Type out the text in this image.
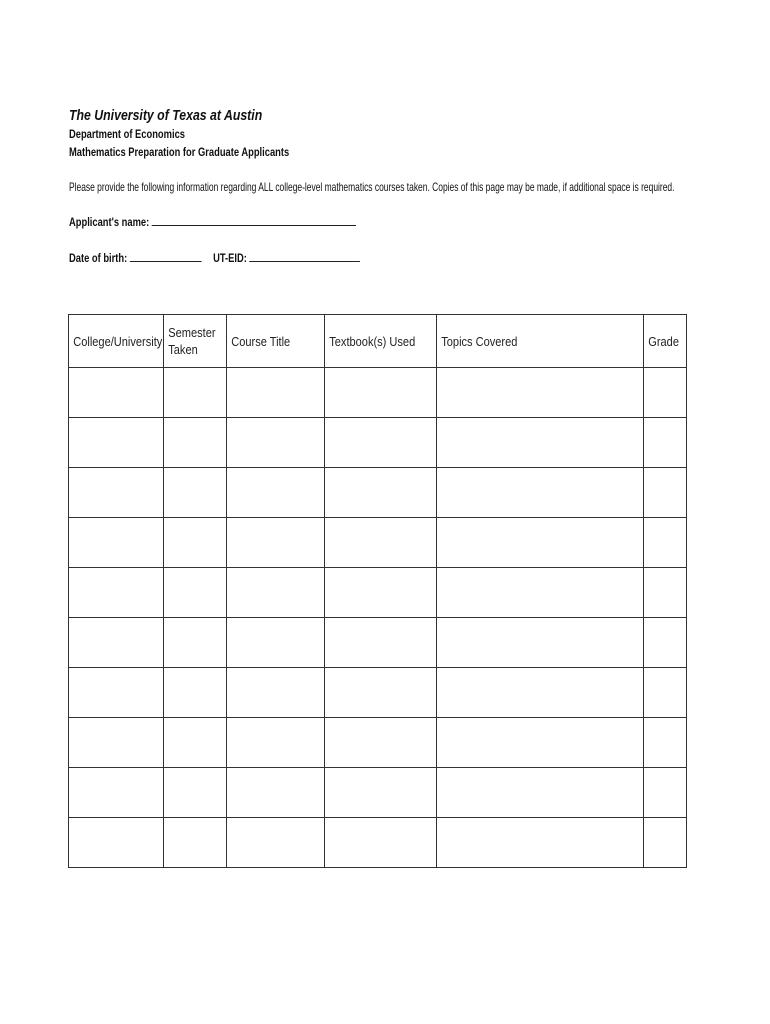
The University of Texas at Austin
Department of Economics
Mathematics Preparation for Graduate Applicants
Please provide the following information regarding ALL college-level mathematics courses taken. Copies of this page may be made, if additional space is required.
Applicant's name:
Date of birth:	UT-EID:
College/University	Semester Taken	Course Title	Textbook(s) Used	Topics Covered	Grade
